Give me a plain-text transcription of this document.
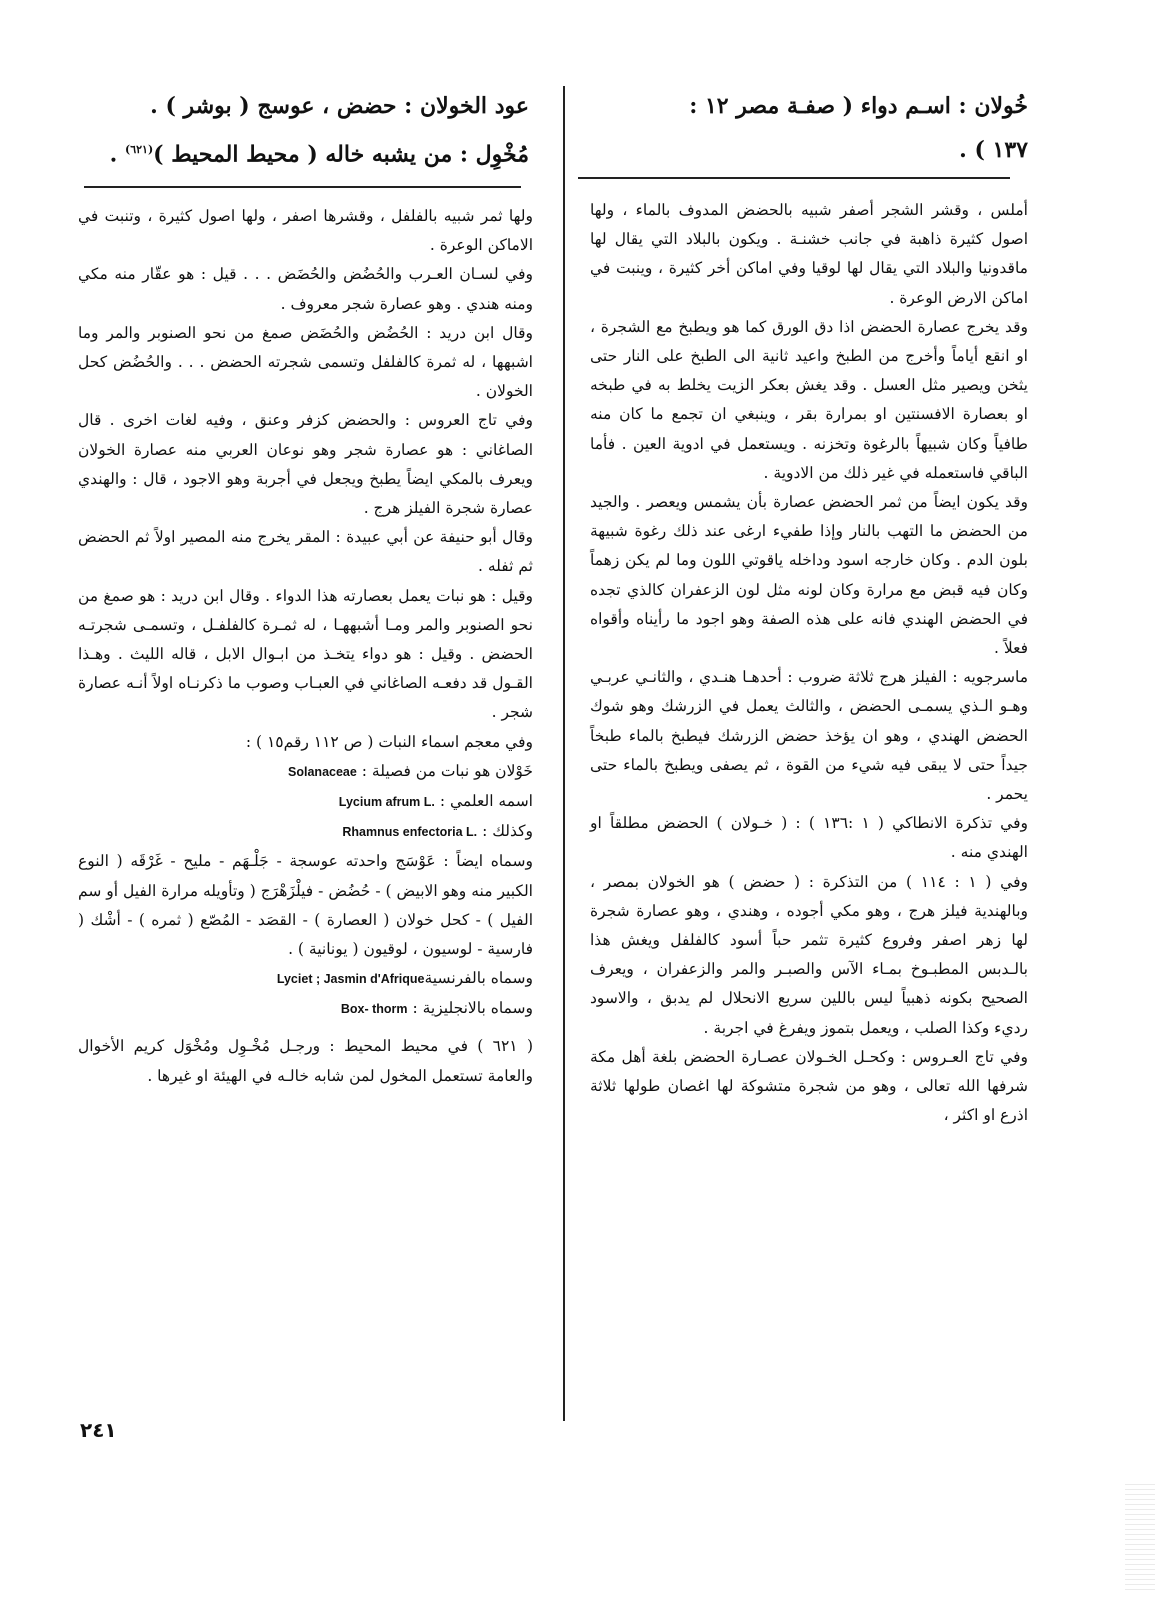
خُولان : اسـم دواء ( صفـة مصر ١٢ :

١٣٧ ) .

عود الخولان : حضض ، عوسج ( بوشر ) .

مُخْوِل : من يشبه خاله ( محيط المحيط )$^{(٦٢١)}$ .

أملس ، وقشر الشجر أصفر شبيه بالحضض المدوف بالماء ، ولها اصول كثيرة ذاهبة في جانب خشنـة . ويكون بالبلاد التي يقال لها ماقدونيا والبلاد التي يقال لها لوقيا وفي اماكن أخر كثيرة ، وينبت في اماكن الارض الوعرة .

وقد يخرج عصارة الحضض اذا دق الورق كما هو ويطبخ مع الشجرة ، او انقع أياماً وأخرج من الطبخ واعيد ثانية الى الطبخ على النار حتى يثخن ويصير مثل العسل . وقد يغش بعكر الزيت يخلط به في طبخه او بعصارة الافسنتين او بمرارة بقر ، وينبغي ان تجمع ما كان منه طافياً وكان شبيهاً بالرغوة وتخزنه . ويستعمل في ادوية العين . فأما الباقي فاستعمله في غير ذلك من الادوية .

وقد يكون ايضاً من ثمر الحضض عصارة بأن يشمس ويعصر . والجيد من الحضض ما التهب بالنار وإذا طفيء ارغى عند ذلك رغوة شبيهة بلون الدم . وكان خارجه اسود وداخله ياقوتي اللون وما لم يكن زهماً وكان فيه قبض مع مرارة وكان لونه مثل لون الزعفران كالذي تجده في الحضض الهندي فانه على هذه الصفة وهو اجود ما رأيناه وأقواه فعلاً .

ماسرجويه : الفيلز هرج ثلاثة ضروب : أحدهـا هنـدي ، والثانـي عربـي وهـو الـذي يسمـى الحضض ، والثالث يعمل في الزرشك وهو شوك الحضض الهندي ، وهو ان يؤخذ حضض الزرشك فيطبخ بالماء طبخاً جيداً حتى لا يبقى فيه شيء من القوة ، ثم يصفى ويطبخ بالماء حتى يحمر .

وفي تذكرة الانطاكي ( ١ :١٣٦ ) : ( خـولان ) الحضض مطلقاً او الهندي منه .

وفي ( ١ : ١١٤ ) من التذكرة : ( حضض ) هو الخولان بمصر ، وبالهندية فيلز هرج ، وهو مكي أجوده ، وهندي ، وهو عصارة شجرة لها زهر اصفر وفروع كثيرة تثمر حباً أسود كالفلفل ويغش هذا بالـدبس المطبـوخ بمـاء الآس والصبـر والمر والزعفران ، ويعرف الصحيح بكونه ذهبياً ليس باللين سريع الانحلال لم يدبق ، والاسود رديء وكذا الصلب ، ويعمل بتموز ويفرغ في اجربة .

وفي تاج العـروس : وكحـل الخـولان عصـارة الحضض بلغة أهل مكة شرفها الله تعالى ، وهو من شجرة متشوكة لها اغصان طولها ثلاثة اذرع او اكثر ،

ولها ثمر شبيه بالفلفل ، وقشرها اصفر ، ولها اصول كثيرة ، وتنبت في الاماكن الوعرة .

وفي لسـان العـرب والحُضُض والحُضَض . . . قيل : هو عقّار منه مكي ومنه هندي . وهو عصارة شجر معروف .

وقال ابن دريد : الحُضُض والحُضَض صمغ من نحو الصنوبر والمر وما اشبهها ، له ثمرة كالفلفل وتسمى شجرته الحضض . . . والحُضُض كحل الخولان .

وفي تاج العروس : والحضض كزفر وعنق ، وفيه لغات اخرى . قال الصاغاني : هو عصارة شجر وهو نوعان العربي منه عصارة الخولان ويعرف بالمكي ايضاً يطبخ ويجعل في أجربة وهو الاجود ، قال : والهندي عصارة شجرة الفيلز هرج .

وقال أبو حنيفة عن أبي عبيدة : المقر يخرج منه المصير اولاً ثم الحضض ثم ثفله .

وقيل : هو نبات يعمل بعصارته هذا الدواء . وقال ابن دريد : هو صمغ من نحو الصنوبر والمر ومـا أشبههـا ، له ثمـرة كالفلفـل ، وتسمـى شجرتـه الحضض . وقيل : هو دواء يتخـذ من ابـوال الابل ، قاله الليث . وهـذا القـول قد دفعـه الصاغاني في العبـاب وصوب ما ذكرنـاه اولاً أنـه عصارة شجر .

وفي معجم اسماء النبات ( ص ١١٢ رقم١٥ ) :

خَوْلان هو نبات من فصيلة : Solanaceae

اسمه العلمي : Lycium afrum L.

وكذلك : Rhamnus enfectoria L.

وسماه ايضاً : عَوْسَج واحدته عوسجة - جَلْـهَم - مليح - غَرْقَه ( النوع الكبير منه وهو الابيض ) - حُضُض - فيلْزَهْرَج ( وتأويله مرارة الفيل أو سم الفيل ) - كحل خولان ( العصارة ) - القصَد - المُصّع ( ثمره ) - أشْك ( فارسية - لوسيون ، لوقيون ( يونانية ) .

وسماه بالفرنسيةLyciet ; Jasmin d'Afrique

وسماه بالانجليزية : Box- thorm

( ٦٢١ ) في محيط المحيط : ورجـل مُخْـوِل ومُخْوَل كريم الأخوال والعامة تستعمل المخول لمن شابه خالـه في الهيئة او غيرها .

٢٤١
